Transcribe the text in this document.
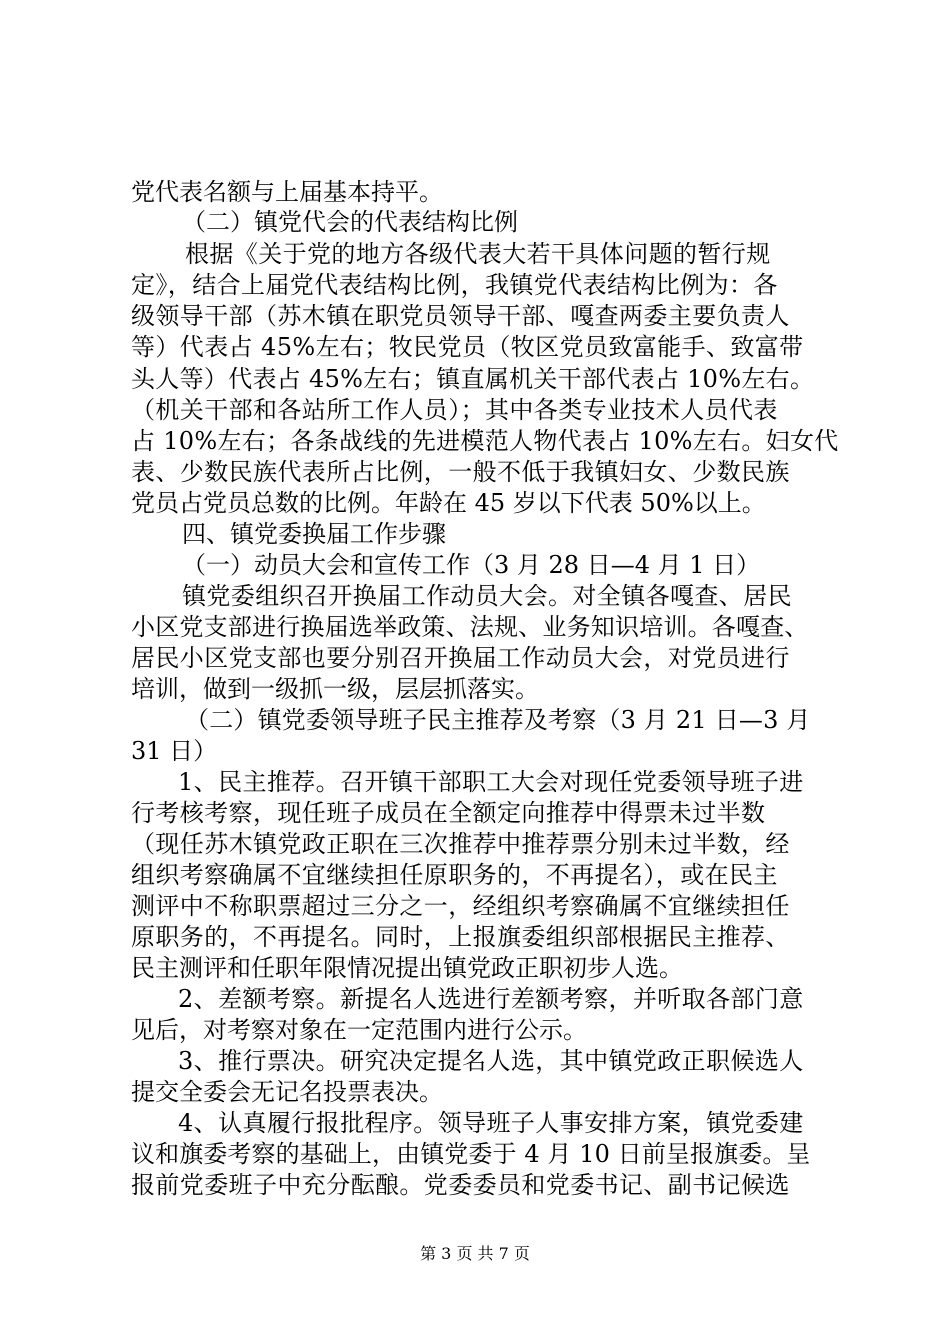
党代表名额与上届基本持平。
（二）镇党代会的代表结构比例
根据《关于党的地方各级代表大若干具体问题的暂行规
定》，结合上届党代表结构比例，我镇党代表结构比例为：各
级领导干部（苏木镇在职党员领导干部、嘎查两委主要负责人
等）代表占 45%左右；牧民党员（牧区党员致富能手、致富带
头人等）代表占 45%左右；镇直属机关干部代表占 10%左右。
（机关干部和各站所工作人员）；其中各类专业技术人员代表
占 10%左右；各条战线的先进模范人物代表占 10%左右。妇女代
表、少数民族代表所占比例，一般不低于我镇妇女、少数民族
党员占党员总数的比例。年龄在 45 岁以下代表 50%以上。
四、镇党委换届工作步骤
（一）动员大会和宣传工作（3 月 28 日—4 月 1 日）
镇党委组织召开换届工作动员大会。对全镇各嘎查、居民
小区党支部进行换届选举政策、法规、业务知识培训。各嘎查、
居民小区党支部也要分别召开换届工作动员大会，对党员进行
培训，做到一级抓一级，层层抓落实。
（二）镇党委领导班子民主推荐及考察（3 月 21 日—3 月
31 日）
1、民主推荐。召开镇干部职工大会对现任党委领导班子进
行考核考察，现任班子成员在全额定向推荐中得票未过半数
（现任苏木镇党政正职在三次推荐中推荐票分别未过半数，经
组织考察确属不宜继续担任原职务的，不再提名），或在民主
测评中不称职票超过三分之一，经组织考察确属不宜继续担任
原职务的，不再提名。同时，上报旗委组织部根据民主推荐、
民主测评和任职年限情况提出镇党政正职初步人选。
2、差额考察。新提名人选进行差额考察，并听取各部门意
见后，对考察对象在一定范围内进行公示。
3、推行票决。研究决定提名人选，其中镇党政正职候选人
提交全委会无记名投票表决。
4、认真履行报批程序。领导班子人事安排方案，镇党委建
议和旗委考察的基础上，由镇党委于 4 月 10 日前呈报旗委。呈
报前党委班子中充分酝酿。党委委员和党委书记、副书记候选
第 3 页 共 7 页
